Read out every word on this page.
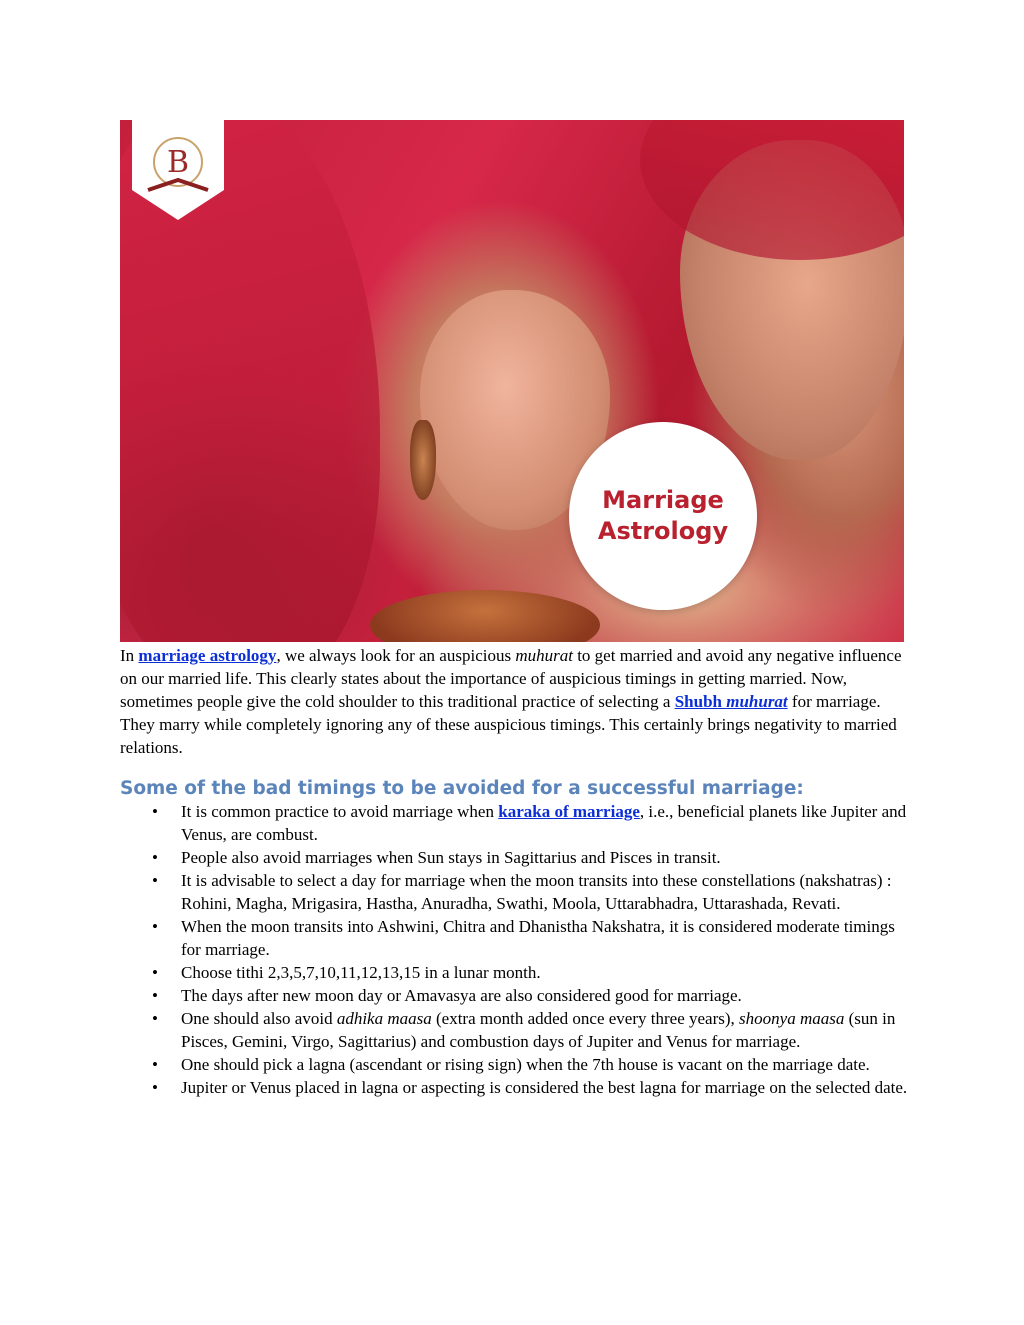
B
Marriage
Astrology

In marriage astrology, we always look for an auspicious muhurat to get married and avoid any negative influence on our married life. This clearly states about the importance of auspicious timings in getting married. Now, sometimes people give the cold shoulder to this traditional practice of selecting a Shubh muhurat for marriage. They marry while completely ignoring any of these auspicious timings. This certainly brings negativity to married relations.

Some of the bad timings to be avoided for a successful marriage:
• It is common practice to avoid marriage when karaka of marriage, i.e., beneficial planets like Jupiter and Venus, are combust.
• People also avoid marriages when Sun stays in Sagittarius and Pisces in transit.
• It is advisable to select a day for marriage when the moon transits into these constellations (nakshatras) : Rohini, Magha, Mrigasira, Hastha, Anuradha, Swathi, Moola, Uttarabhadra, Uttarashada, Revati.
• When the moon transits into Ashwini, Chitra and Dhanistha Nakshatra, it is considered moderate timings for marriage.
• Choose tithi 2,3,5,7,10,11,12,13,15 in a lunar month.
• The days after new moon day or Amavasya are also considered good for marriage.
• One should also avoid adhika maasa (extra month added once every three years), shoonya maasa (sun in Pisces, Gemini, Virgo, Sagittarius) and combustion days of Jupiter and Venus for marriage.
• One should pick a lagna (ascendant or rising sign) when the 7th house is vacant on the marriage date.
• Jupiter or Venus placed in lagna or aspecting is considered the best lagna for marriage on the selected date.
